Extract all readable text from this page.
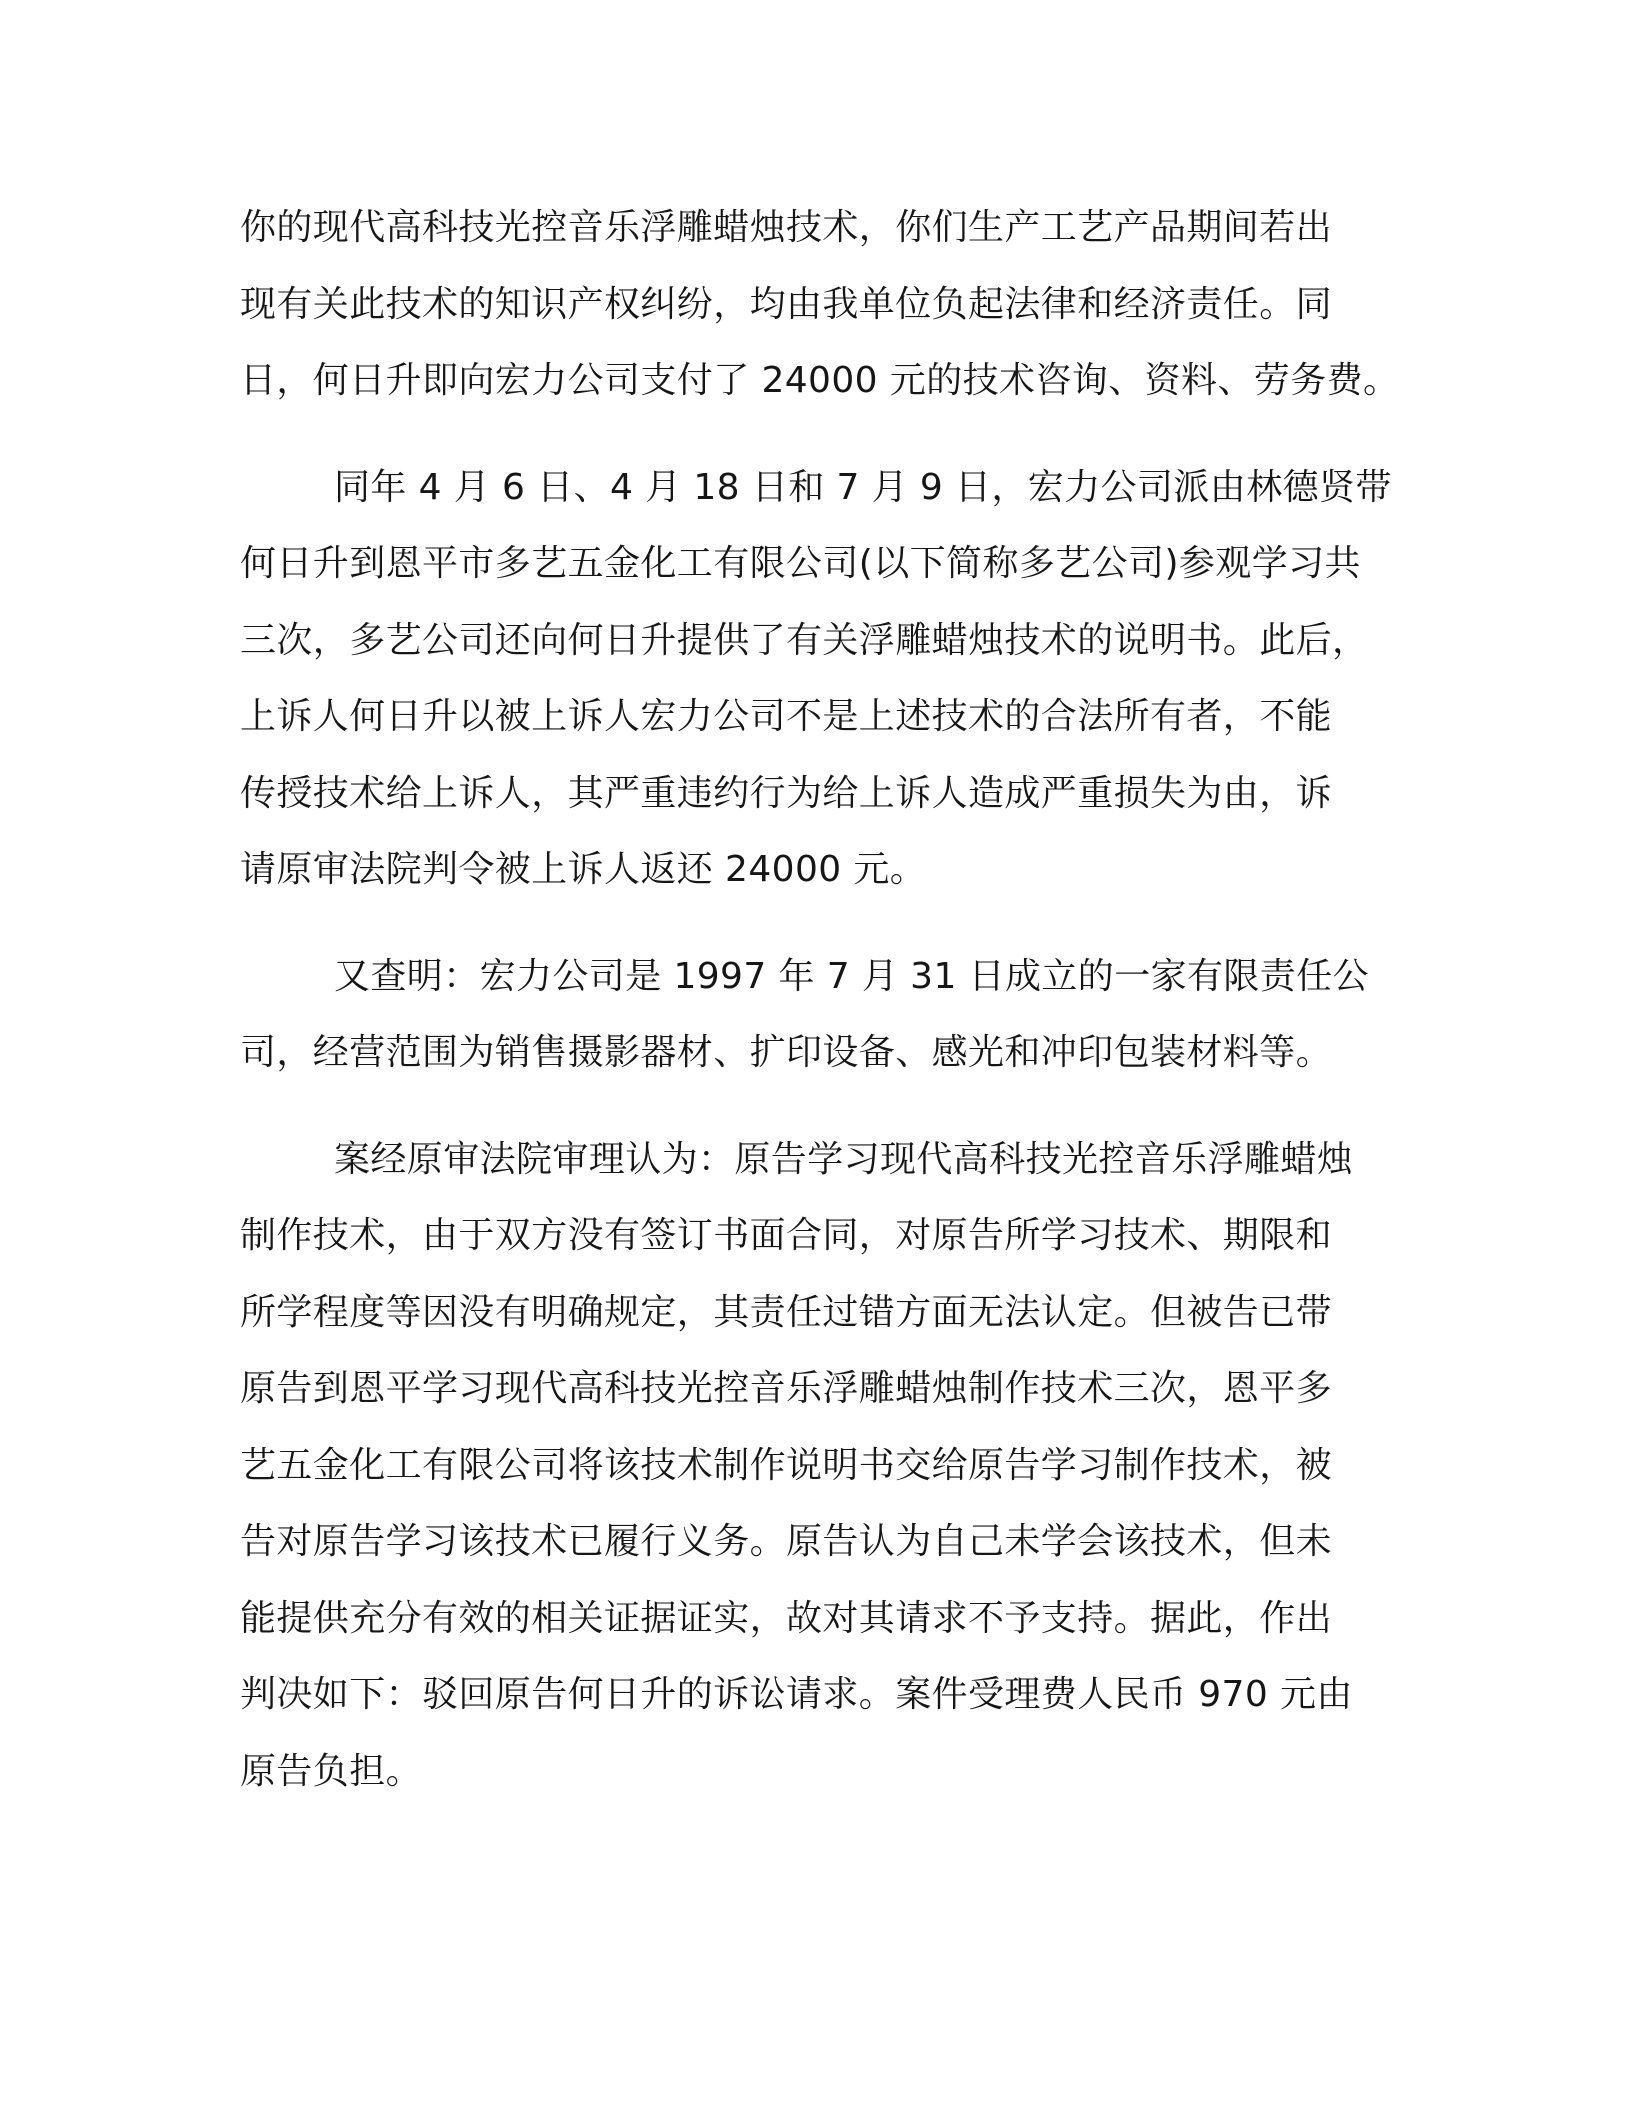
你的现代高科技光控音乐浮雕蜡烛技术，你们生产工艺产品期间若出
现有关此技术的知识产权纠纷，均由我单位负起法律和经济责任。同
日，何日升即向宏力公司支付了 24000 元的技术咨询、资料、劳务费。

同年 4 月 6 日、4 月 18 日和 7 月 9 日，宏力公司派由林德贤带
何日升到恩平市多艺五金化工有限公司(以下简称多艺公司)参观学习共
三次，多艺公司还向何日升提供了有关浮雕蜡烛技术的说明书。此后，
上诉人何日升以被上诉人宏力公司不是上述技术的合法所有者，不能
传授技术给上诉人，其严重违约行为给上诉人造成严重损失为由，诉
请原审法院判令被上诉人返还 24000 元。

又查明：宏力公司是 1997 年 7 月 31 日成立的一家有限责任公
司，经营范围为销售摄影器材、扩印设备、感光和冲印包装材料等。

案经原审法院审理认为：原告学习现代高科技光控音乐浮雕蜡烛
制作技术，由于双方没有签订书面合同，对原告所学习技术、期限和
所学程度等因没有明确规定，其责任过错方面无法认定。但被告已带
原告到恩平学习现代高科技光控音乐浮雕蜡烛制作技术三次，恩平多
艺五金化工有限公司将该技术制作说明书交给原告学习制作技术，被
告对原告学习该技术已履行义务。原告认为自己未学会该技术，但未
能提供充分有效的相关证据证实，故对其请求不予支持。据此，作出
判决如下：驳回原告何日升的诉讼请求。案件受理费人民币 970 元由
原告负担。
